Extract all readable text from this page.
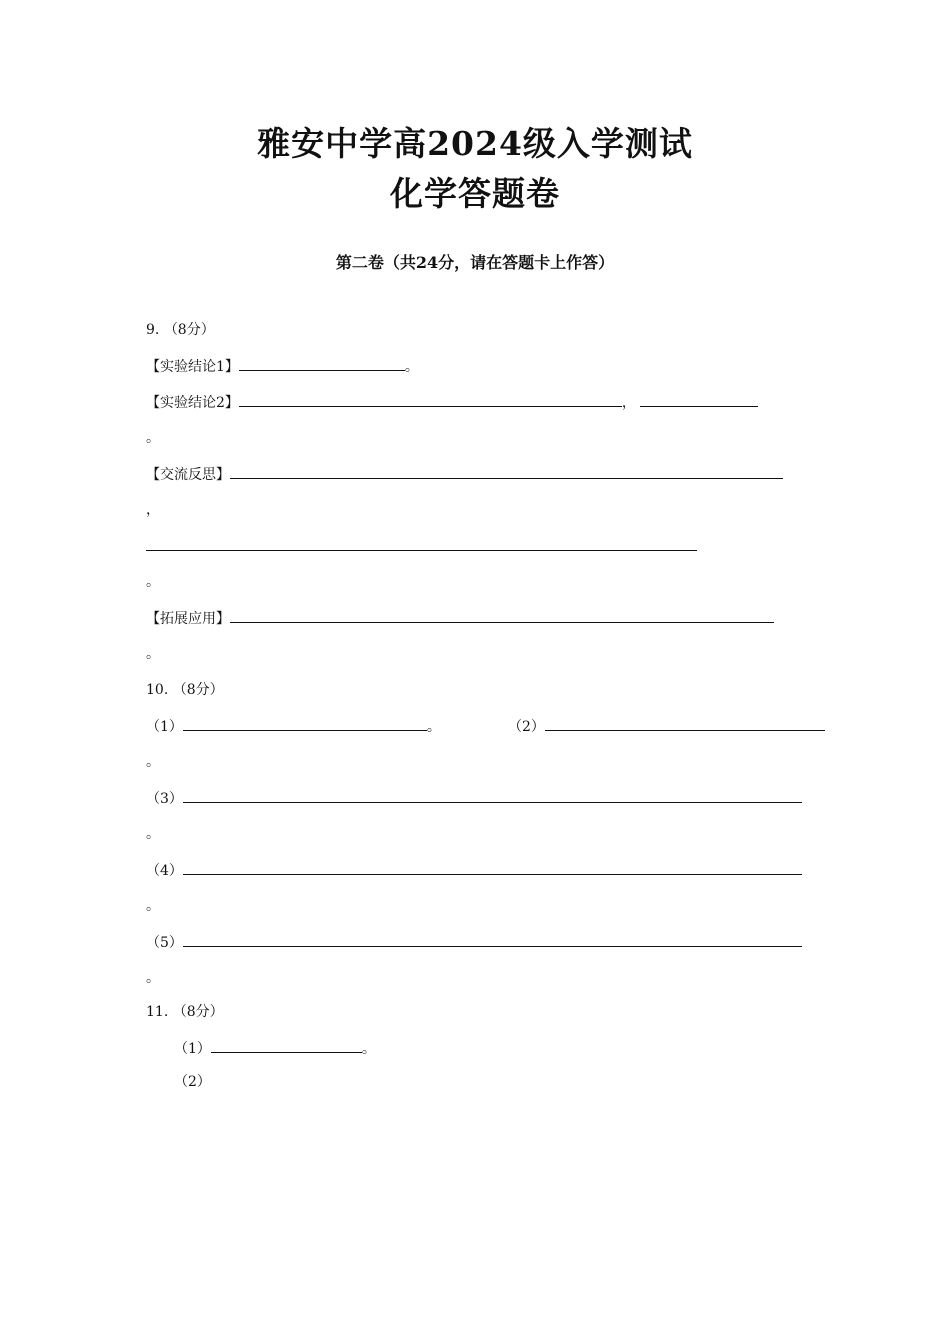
雅安中学高2024级入学测试
化学答题卷
第二卷（共24分，请在答题卡上作答）
9. （8分）
【实验结论1】	。
【实验结论2】	，
。
【交流反思】
，
。
【拓展应用】
。
10. （8分）
（1）	。	（2）
。
（3）
。
（4）
。
（5）
。
11. （8分）
（1）	。
（2）
